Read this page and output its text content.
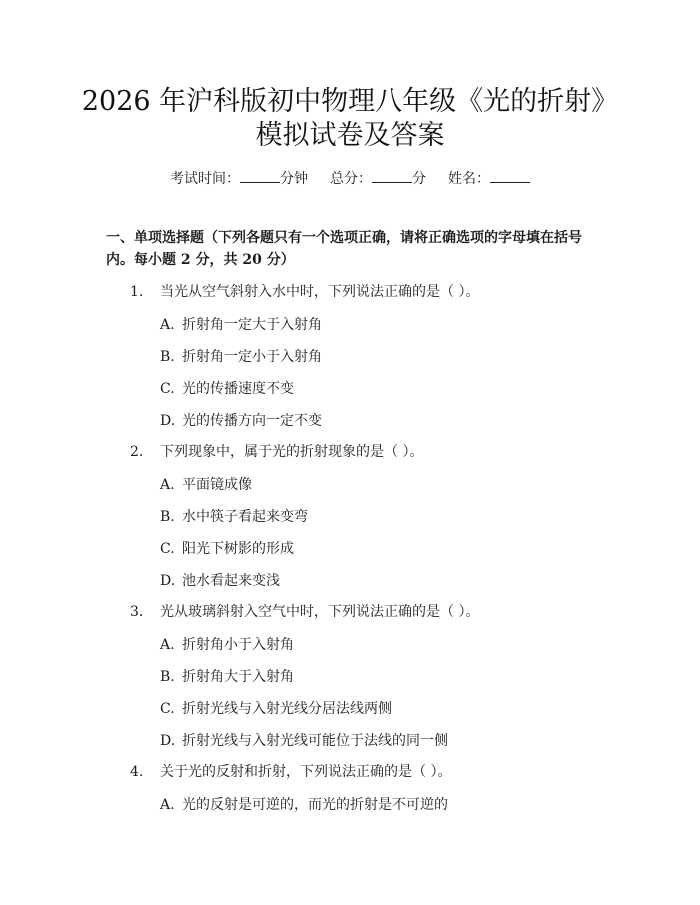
2026 年沪科版初中物理八年级《光的折射》
模拟试卷及答案
考试时间：	分钟 总分：	分 姓名：
一、单项选择题（下列各题只有一个选项正确，请将正确选项的字母填在括号
内。每小题 2 分，共 20 分）
1. 当光从空气斜射入水中时，下列说法正确的是（ ）。
A. 折射角一定大于入射角
B. 折射角一定小于入射角
C. 光的传播速度不变
D. 光的传播方向一定不变
2. 下列现象中，属于光的折射现象的是（ ）。
A. 平面镜成像
B. 水中筷子看起来变弯
C. 阳光下树影的形成
D. 池水看起来变浅
3. 光从玻璃斜射入空气中时，下列说法正确的是（ ）。
A. 折射角小于入射角
B. 折射角大于入射角
C. 折射光线与入射光线分居法线两侧
D. 折射光线与入射光线可能位于法线的同一侧
4. 关于光的反射和折射，下列说法正确的是（ ）。
A. 光的反射是可逆的，而光的折射是不可逆的
